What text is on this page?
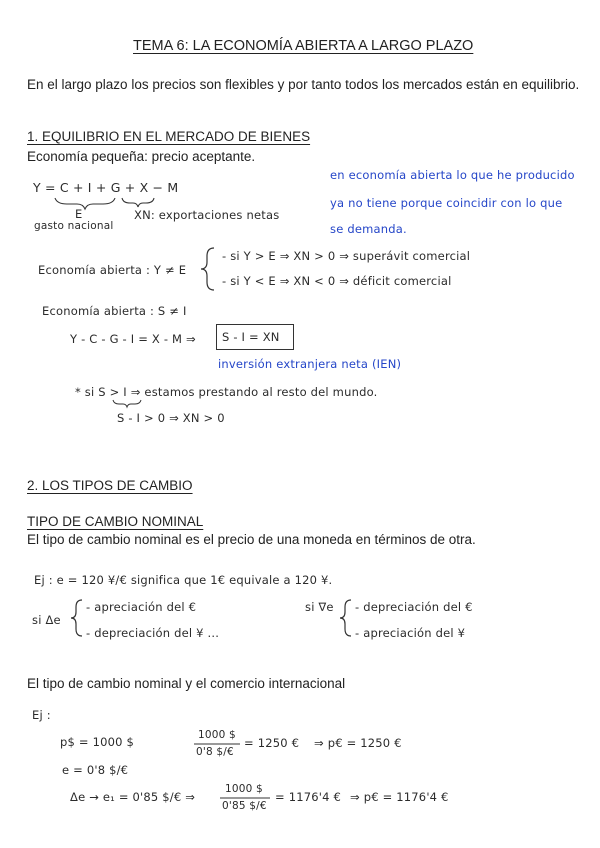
TEMA 6: LA ECONOMÍA ABIERTA A LARGO PLAZO
En el largo plazo los precios son flexibles y por tanto todos los mercados están en equilibrio.
1. EQUILIBRIO EN EL MERCADO DE BIENES
Economía pequeña: precio aceptante.
Y = C + I + G + X − M
E
gasto nacional
XN: exportaciones netas
en economía abierta lo que he producido
ya no tiene porque coincidir con lo que
se demanda.
Economía abierta : Y ≠ E
- si Y > E ⇒ XN > 0 ⇒ superávit comercial
- si Y < E ⇒ XN < 0 ⇒ déficit comercial
Economía abierta : S ≠ I
Y - C - G - I = X - M ⇒ S - I = XN
inversión extranjera neta (IEN)
* si S > I ⇒ estamos prestando al resto del mundo.
S - I > 0 ⇒ XN > 0
2. LOS TIPOS DE CAMBIO
TIPO DE CAMBIO NOMINAL
El tipo de cambio nominal es el precio de una moneda en términos de otra.
Ej : e = 120 ¥/€ significa que 1€ equivale a 120 ¥.
si Δe
- apreciación del €
- depreciación del ¥ ...
si ∇e - depreciación del €
- apreciación del ¥
El tipo de cambio nominal y el comercio internacional
Ej :
p$ = 1000 $
e = 0'8 $/€
1000 $
0'8 $/€
= 1250 € ⇒ p€ = 1250 €
Δe → e₁ = 0'85 $/€ ⇒
1000 $
0'85 $/€
= 1176'4 € ⇒ p€ = 1176'4 €
